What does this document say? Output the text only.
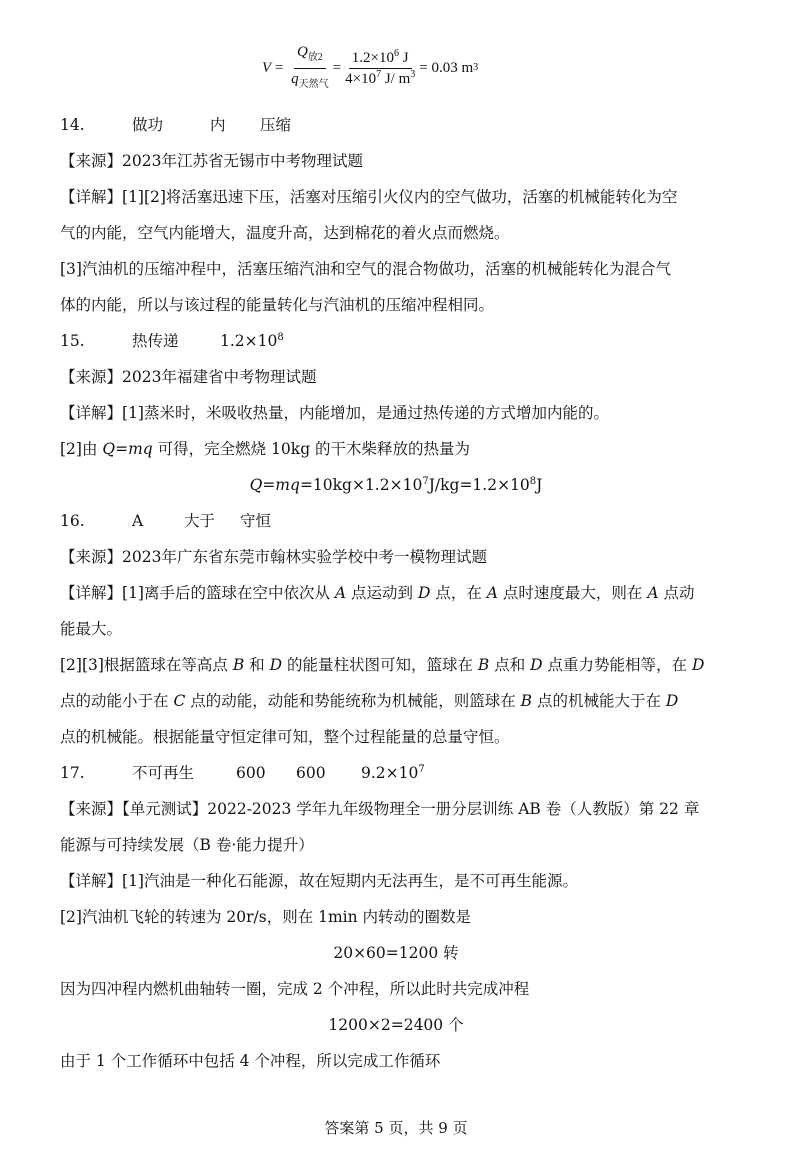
$V = \frac{Q_{放2}}{q_{天然气}} = \frac{1.2\times 10^6 J}{4\times 10^7 J/ m^3} = 0.03$ m 3
14.	做功	内 压缩
【来源】2023年江苏省无锡市中考物理试题
【详解】[1][2]将活塞迅速下压，活塞对压缩引火仪内的空气做功，活塞的机械能转化为空
气的内能，空气内能增大，温度升高，达到棉花的着火点而燃烧。
[3]汽油机的压缩冲程中，活塞压缩汽油和空气的混合物做功，活塞的机械能转化为混合气
体的内能，所以与该过程的能量转化与汽油机的压缩冲程相同。
15.	热传递	$1.2\times 10^8$
【来源】2023年福建省中考物理试题
【详解】[1]蒸米时，米吸收热量，内能增加，是通过热传递的方式增加内能的。
[2]由 Q=mq 可得，完全燃烧 10kg 的干木柴释放的热量为
$Q=mq=10kg\times 1.2\times 10^7J/kg=1.2\times 10^8J$
16.	A	大于 守恒
【来源】2023年广东省东莞市翰林实验学校中考一模物理试题
【详解】[1]离手后的篮球在空中依次从 A 点运动到 D 点，在 A 点时速度最大，则在 A 点动
能最大。
[2][3]根据篮球在等高点 B 和 D 的能量柱状图可知，篮球在 B 点和 D 点重力势能相等，在 D
点的动能小于在 C 点的动能，动能和势能统称为机械能，则篮球在 B 点的机械能大于在 D
点的机械能。根据能量守恒定律可知，整个过程能量的总量守恒。
17.	不可再生	600 600 $9.2\times 10^7$
【来源】【单元测试】2022-2023 学年九年级物理全一册分层训练 AB 卷（人教版）第 22 章
能源与可持续发展（B 卷·能力提升）
【详解】[1]汽油是一种化石能源，故在短期内无法再生，是不可再生能源。
[2]汽油机飞轮的转速为 20r/s，则在 1min 内转动的圈数是
20×60=1200 转
因为四冲程内燃机曲轴转一圈，完成 2 个冲程，所以此时共完成冲程
1200×2=2400 个
由于 1 个工作循环中包括 4 个冲程，所以完成工作循环
答案第 5 页，共 9 页
